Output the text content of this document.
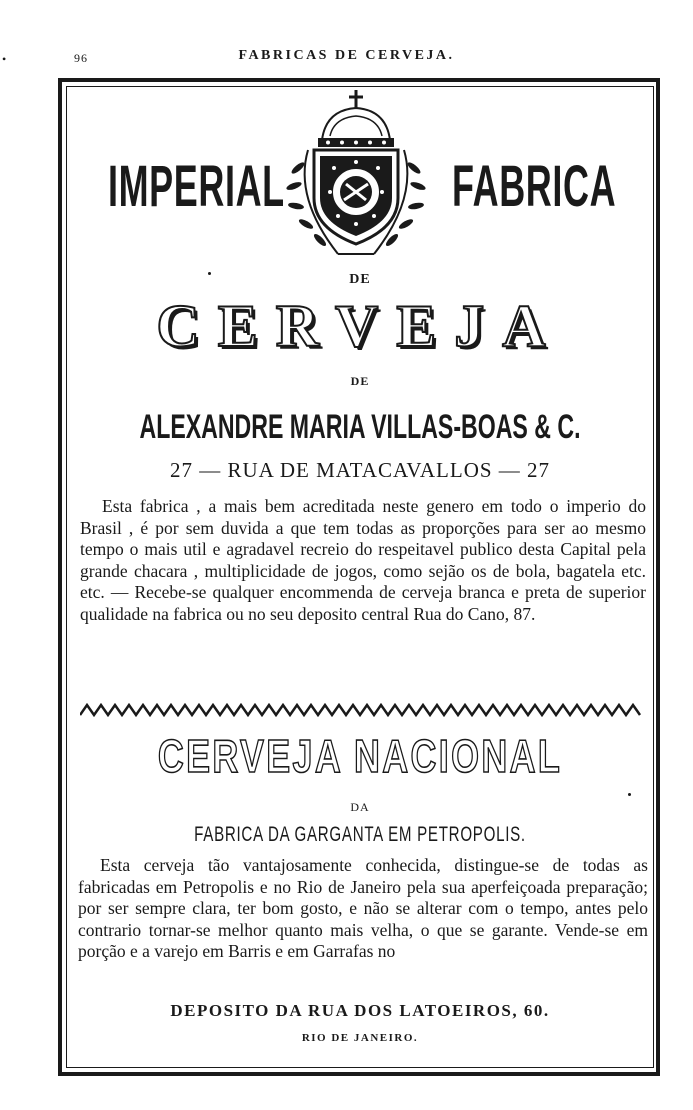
•	96	FABRICAS DE CERVEJA.
IMPERIAL	FABRICA
DE
CERVEJA
DE
ALEXANDRE MARIA VILLAS-BOAS & C.
27 — RUA DE MATACAVALLOS — 27
Esta fabrica , a mais bem acreditada neste genero em todo o imperio do Brasil , é por sem duvida a que tem todas as proporções para ser ao mesmo tempo o mais util e agradavel recreio do respeitavel publico desta Capital pela grande chacara , multiplicidade de jogos, como sejão os de bola, bagatela etc. etc. — Recebe-se qualquer encommenda de cerveja branca e preta de superior qualidade na fabrica ou no seu deposito central Rua do Cano, 87.
CERVEJA NACIONAL
DA
FABRICA DA GARGANTA EM PETROPOLIS.
Esta cerveja tão vantajosamente conhecida, distingue-se de todas as fabricadas em Petropolis e no Rio de Janeiro pela sua aperfeiçoada preparação; por ser sempre clara, ter bom gosto, e não se alterar com o tempo, antes pelo contrario tornar-se melhor quanto mais velha, o que se garante. Vende-se em porção e a varejo em Barris e em Garrafas no
DEPOSITO DA RUA DOS LATOEIROS, 60.
RIO DE JANEIRO.
